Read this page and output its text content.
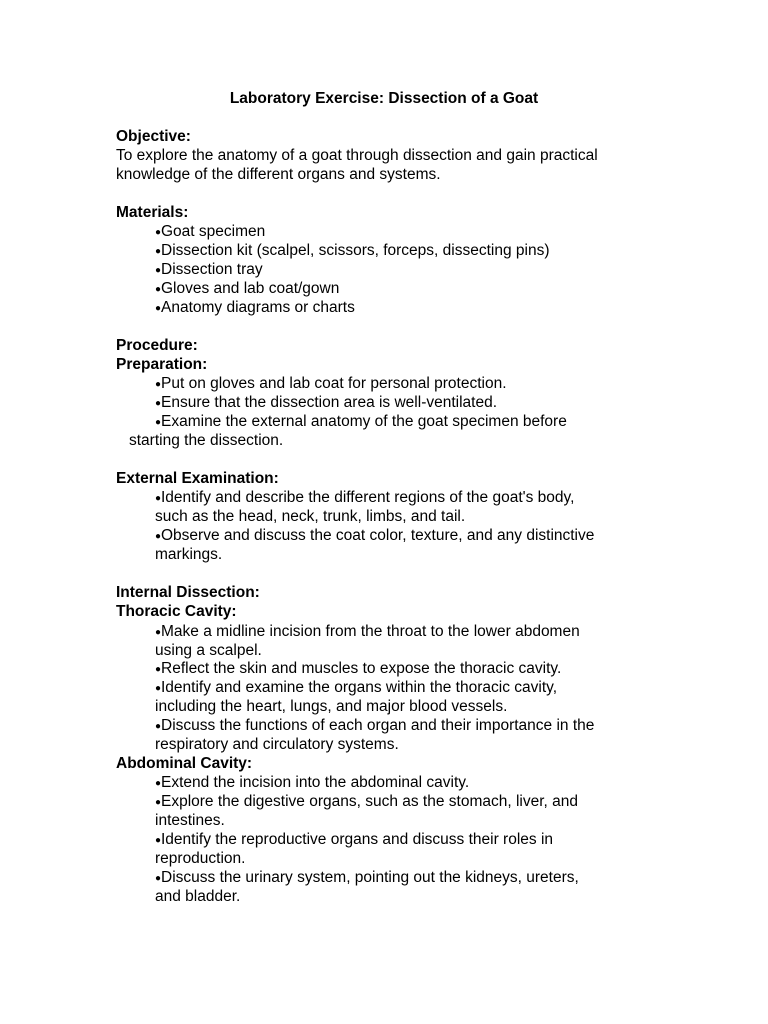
Laboratory Exercise: Dissection of a Goat

Objective:

To explore the anatomy of a goat through dissection and gain practical

knowledge of the different organs and systems.

Materials:

●Goat specimen

●Dissection kit (scalpel, scissors, forceps, dissecting pins)

●Dissection tray

●Gloves and lab coat/gown

●Anatomy diagrams or charts

Procedure:

Preparation:

●Put on gloves and lab coat for personal protection.

●Ensure that the dissection area is well-ventilated.

●Examine the external anatomy of the goat specimen before

starting the dissection.

External Examination:

●Identify and describe the different regions of the goat's body,

such as the head, neck, trunk, limbs, and tail.

●Observe and discuss the coat color, texture, and any distinctive

markings.

Internal Dissection:

Thoracic Cavity:

●Make a midline incision from the throat to the lower abdomen

using a scalpel.

●Reflect the skin and muscles to expose the thoracic cavity.

●Identify and examine the organs within the thoracic cavity,

including the heart, lungs, and major blood vessels.

●Discuss the functions of each organ and their importance in the

respiratory and circulatory systems.

Abdominal Cavity:

●Extend the incision into the abdominal cavity.

●Explore the digestive organs, such as the stomach, liver, and

intestines.

●Identify the reproductive organs and discuss their roles in

reproduction.

●Discuss the urinary system, pointing out the kidneys, ureters,

and bladder.
